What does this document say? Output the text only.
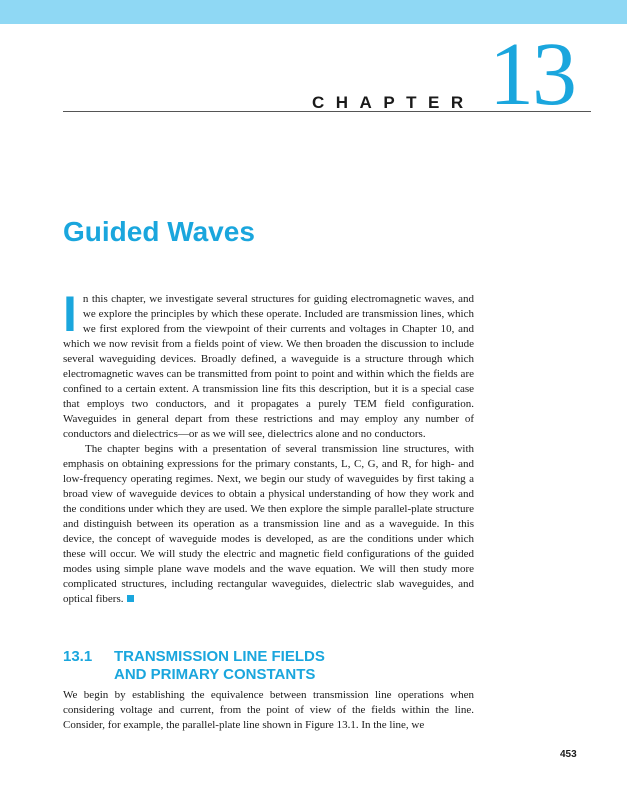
CHAPTER 13
Guided Waves

In this chapter, we investigate several structures for guiding electromagnetic waves, and we explore the principles by which these operate. Included are transmission lines, which we first explored from the viewpoint of their currents and voltages in Chapter 10, and which we now revisit from a fields point of view. We then broaden the discussion to include several waveguiding devices. Broadly defined, a waveguide is a structure through which electromagnetic waves can be transmitted from point to point and within which the fields are confined to a certain extent. A transmission line fits this description, but it is a special case that employs two conductors, and it propagates a purely TEM field configuration. Waveguides in general depart from these restrictions and may employ any number of conductors and dielectrics—or as we will see, dielectrics alone and no conductors.

The chapter begins with a presentation of several transmission line structures, with emphasis on obtaining expressions for the primary constants, L, C, G, and R, for high- and low-frequency operating regimes. Next, we begin our study of waveguides by first taking a broad view of waveguide devices to obtain a physical understanding of how they work and the conditions under which they are used. We then explore the simple parallel-plate structure and distinguish between its operation as a transmission line and as a waveguide. In this device, the concept of waveguide modes is developed, as are the conditions under which these will occur. We will study the electric and magnetic field configurations of the guided modes using simple plane wave models and the wave equation. We will then study more complicated structures, including rectangular waveguides, dielectric slab waveguides, and optical fibers.

13.1 TRANSMISSION LINE FIELDS
AND PRIMARY CONSTANTS

We begin by establishing the equivalence between transmission line operations when considering voltage and current, from the point of view of the fields within the line. Consider, for example, the parallel-plate line shown in Figure 13.1. In the line, we

453
